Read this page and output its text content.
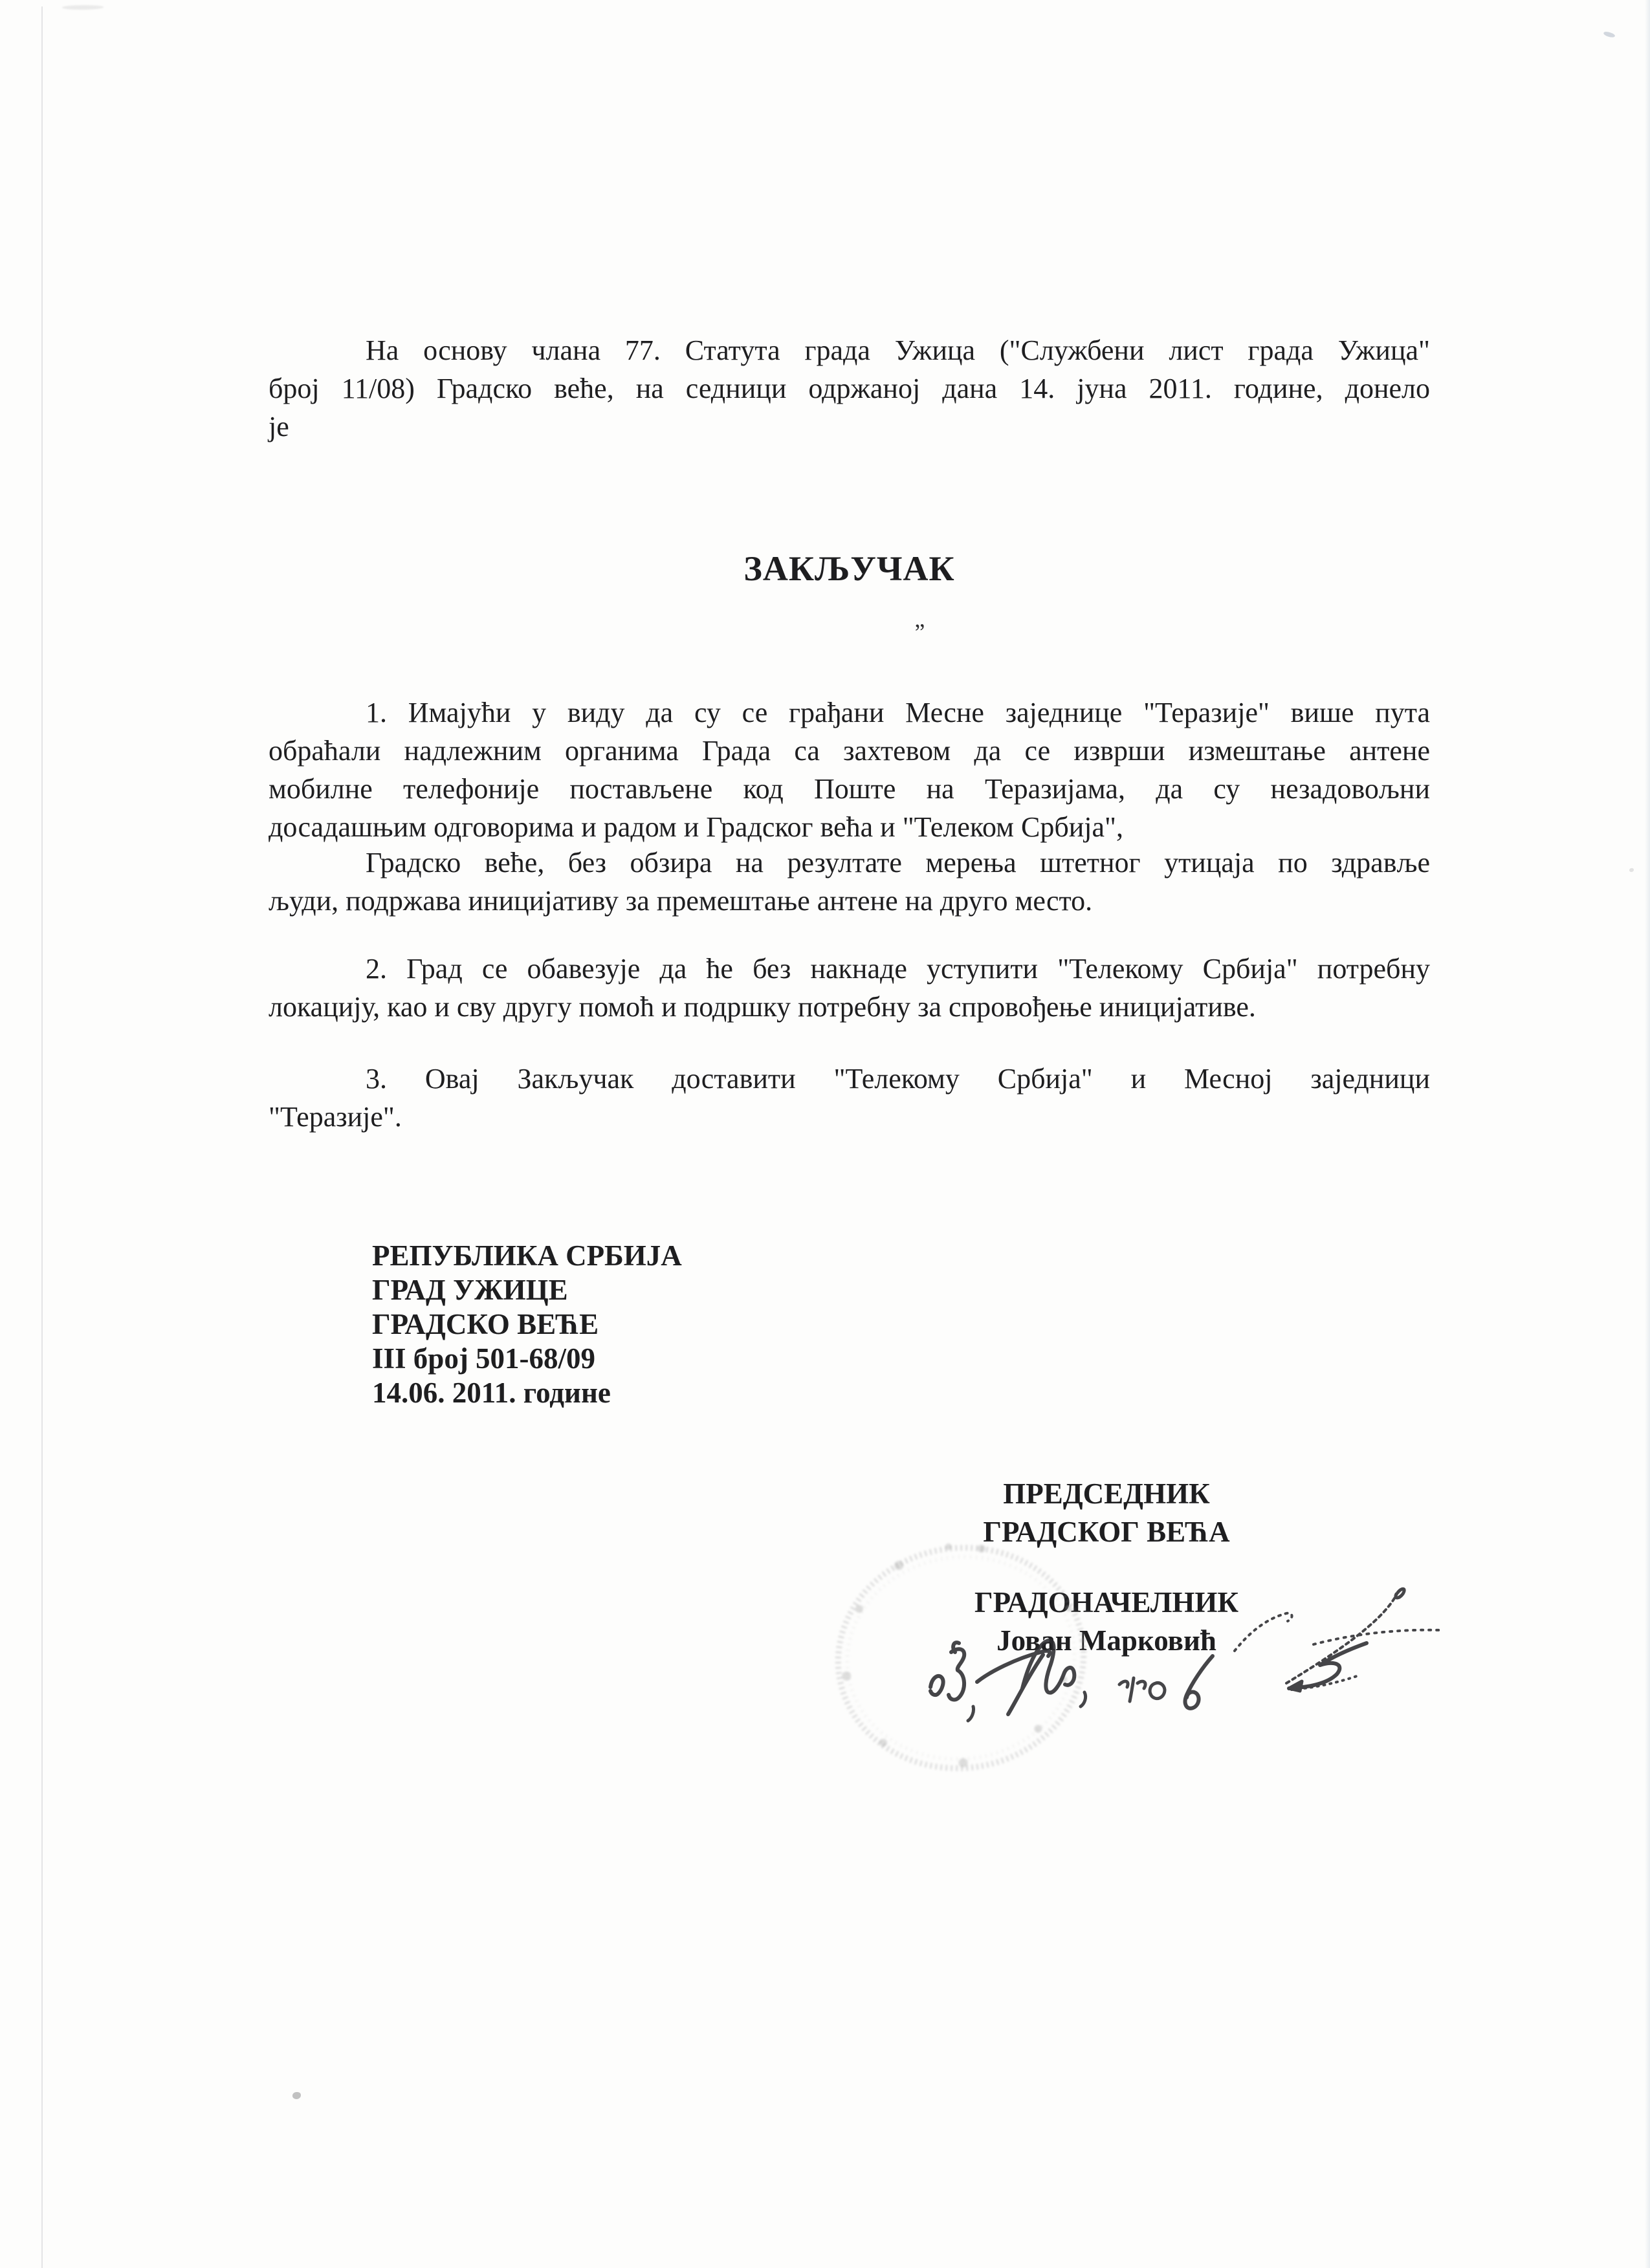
На основу члана 77. Статута града Ужица ("Службени лист града Ужица"
број 11/08) Градско веће, на седници одржаној дана 14. јуна 2011. године, донело
је
ЗАКЉУЧАК
”
1. Имајући у виду да су се грађани Месне заједнице "Теразије" више пута
обраћали надлежним органима Града са захтевом да се изврши измештање антене
мобилне телефоније постављене код Поште на Теразијама, да су незадовољни
досадашњим одговорима и радом и Градског већа и "Телеком Србија",
Градско веће, без обзира на резултате мерења штетног утицаја по здравље
људи, подржава иницијативу за премештање антене на друго место.
2. Град се обавезује да ће без накнаде уступити "Телекому Србија" потребну
локацију, као и сву другу помоћ и подршку потребну за спровођење иницијативе.
3. Овај Закључак доставити "Телекому Србија" и Месној заједници
"Теразије".
РЕПУБЛИКА СРБИЈА
ГРАД УЖИЦЕ
ГРАДСКО ВЕЋЕ
III број 501-68/09
14.06. 2011. године
ПРЕДСЕДНИК
ГРАДСКОГ ВЕЋА
ГРАДОНАЧЕЛНИК
Јован Марковић
